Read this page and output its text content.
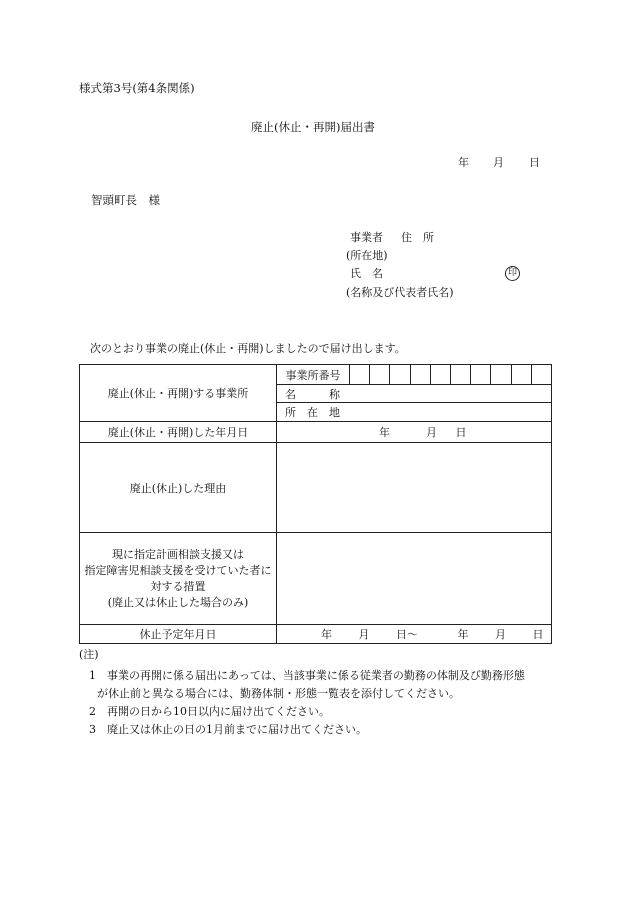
様式第3号(第4条関係)
廃止(休止・再開)届出書
年 月 日
智頭町長　様
事業者 住　所
(所在地)
氏　名	印
(名称及び代表者氏名)
次のとおり事業の廃止(休止・再開)しましたので届け出します。
廃止(休止・再開)する事業所	事業所番号										
	名　　　称										
	所　在　地										
廃止(休止・再開)した年月日	年 月 日										
廃止(休止)した理由											

現に指定計画相談支援又は
指定障害児相談支援を受けていた者に
対する措置
(廃止又は休止した場合のみ)											

休止予定年月日	年 月 日〜 年 月 日										
(注)
1　事業の再開に係る届出にあっては、当該事業に係る従業者の勤務の体制及び勤務形態
が休止前と異なる場合には、勤務体制・形態一覧表を添付してください。
2　再開の日から10日以内に届け出てください。
3　廃止又は休止の日の1月前までに届け出てください。
